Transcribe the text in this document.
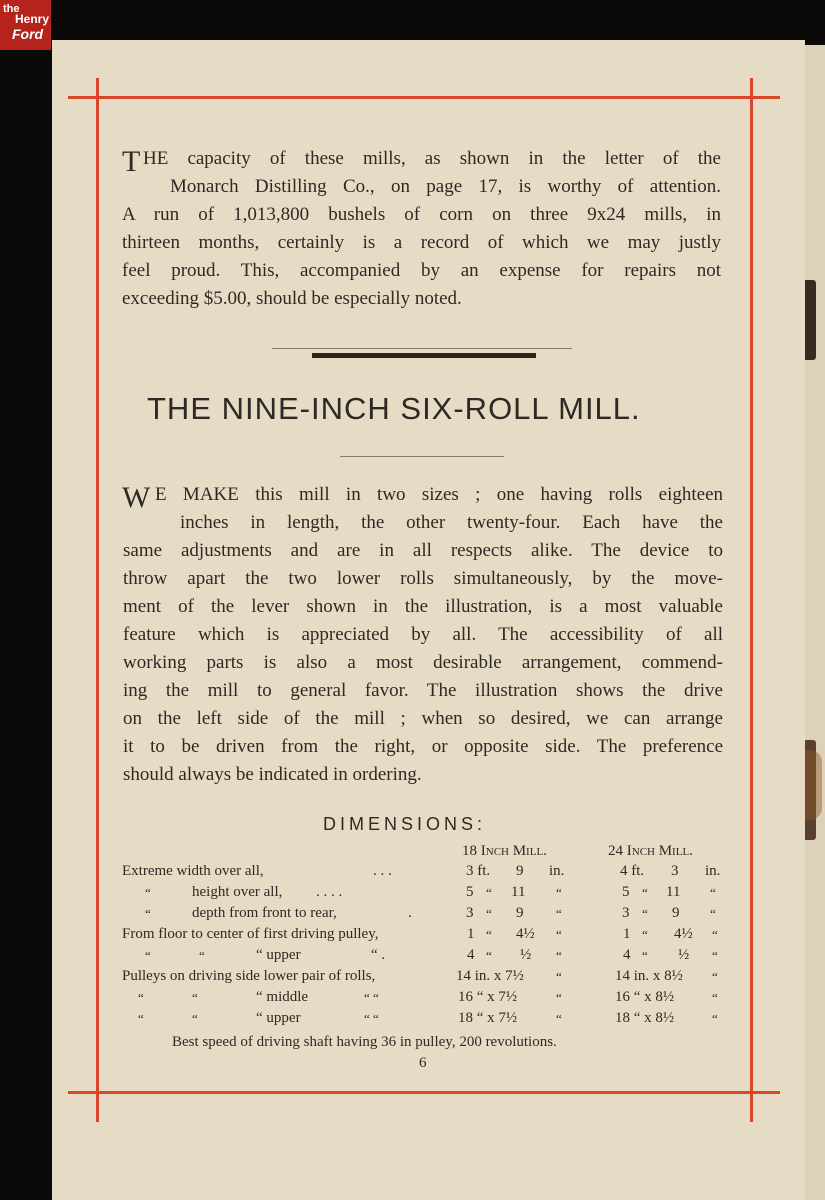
the
Henry
Ford
T HE capacity of these mills, as shown in the letter of the
Monarch Distilling Co., on page 17, is worthy of attention.
A run of 1,013,800 bushels of corn on three 9x24 mills, in
thirteen months, certainly is a record of which we may justly
feel proud. This, accompanied by an expense for repairs not
exceeding $5.00, should be especially noted.
THE NINE-INCH SIX-ROLL MILL.
W E MAKE this mill in two sizes ; one having rolls eighteen
inches in length, the other twenty-four. Each have the
same adjustments and are in all respects alike. The device to
throw apart the two lower rolls simultaneously, by the move-
ment of the lever shown in the illustration, is a most valuable
feature which is appreciated by all. The accessibility of all
working parts is also a most desirable arrangement, commend-
ing the mill to general favor. The illustration shows the drive
on the left side of the mill ; when so desired, we can arrange
it to be driven from the right, or opposite side. The preference
should always be indicated in ordering.
DIMENSIONS:
18 Inch Mill.	24 Inch Mill.
Extreme width over all,	. . .	3 ft. 9 in.	4 ft. 3 in.
“	height over all, . . . .	5 “ 11 “	5 “ 11 “
“	depth from front to rear,	.	3 “ 9	“	3 “ 9 “
From floor to center of first driving pulley,	1 “ 4½ “	1 “ 4½ “
“	“	“ upper	“ .	4 “ ½ “	4 “ ½ “
Pulleys on driving side lower pair of rolls,	14 in. x 7½ “	14 in. x 8½ “
“	“	“ middle	“ “	16 “ x 7½	“	16 “ x 8½	“
“	“	“ upper	“ “	18 “ x 7½	“	18 “ x 8½	“
Best speed of driving shaft having 36 in pulley, 200 revolutions.
6
